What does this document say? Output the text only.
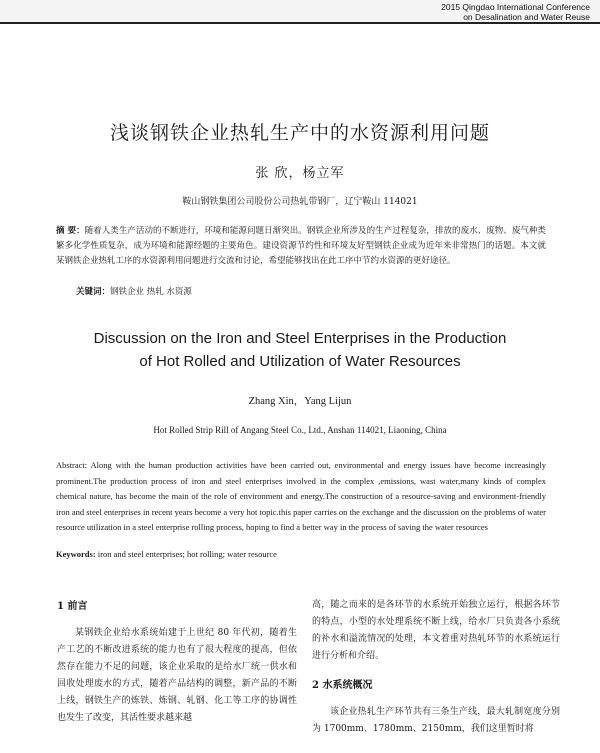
2015 Qingdao International Conference
on Desalination and Water Reuse
浅谈钢铁企业热轧生产中的水资源利用问题
张 欣，杨立军
鞍山钢铁集团公司股份公司热轧带钢厂，辽宁鞍山 114021
摘 要：随着人类生产活动的不断进行，环境和能源问题日渐突出。钢铁企业所涉及的生产过程复杂，排放的废水、废物、废气种类繁多化学性质复杂，成为环境和能源经题的主要角色。建设资源节约性和环境友好型钢铁企业成为近年来非常热门的话题。本文就某钢铁企业热轧工序的水资源利用问题进行交流和讨论，希望能够找出在此工序中节约水资源的更好途径。
关键词：钢铁企业 热轧 水资源
Discussion on the Iron and Steel Enterprises in the Production
of Hot Rolled and Utilization of Water Resources
Zhang Xin，Yang Lijun
Hot Rolled Strip Rill of Angang Steel Co., Ltd., Anshan 114021, Liaoning, China
Abstract: Along with the human production activities have been carried out, environmental and energy issues have become increasingly prominent.The production process of iron and steel enterprises involved in the complex ,emissions, wast water,many kinds of complex chemical nature, has become the main of the role of environment and energy.The construction of a resource-saving and environment-friendly iron and steel enterprises in recent years become a very hot topic.this paper carries on the exchange and the discussion on the problems of water resource utilization in a steel enterprise rolling process, hoping to find a better way in the process of saving the water resources
Keywords: iron and steel enterprises; hot rolling; water resource
1 前言

某钢铁企业给水系统始建于上世纪 80 年代初，随着生产工艺的不断改进系统的能力也有了很大程度的提高，但依然存在能力不足的问题，该企业采取的是给水厂统一供水和回收处理废水的方式，随着产品结构的调整，新产品的不断上线，钢铁生产的炼铁、炼钢、轧钢、化工等工序的协调性也发生了改变，其活性要求越来越

高，随之而来的是各环节的水系统开始独立运行，根据各环节的特点，小型的水处理系统不断上线，给水厂只负责各小系统的补水和溢流情况的处理，本文着重对热轧环节的水系统运行进行分析和介绍。

2 水系统概况

该企业热轧生产环节共有三条生产线，最大轧制宽度分别为 1700mm、1780mm、2150mm，我们这里暂时将
